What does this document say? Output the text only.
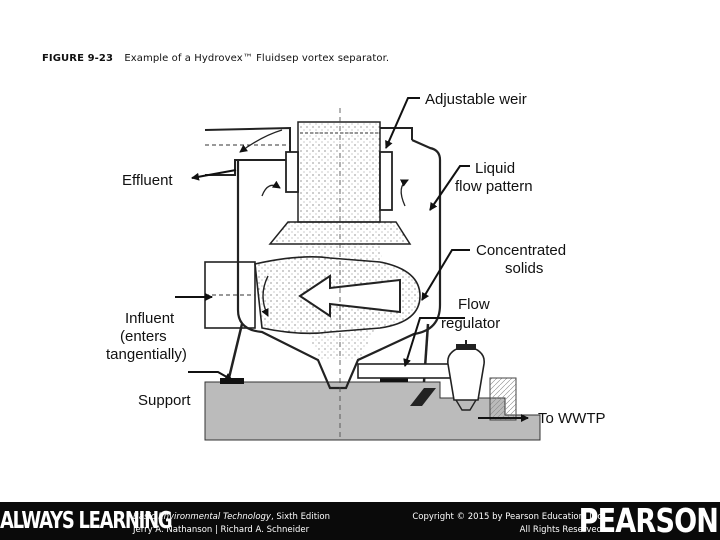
FIGURE 9-23 Example of a Hydrovex™ Fluidsep vortex separator.
Adjustable weir
Liquid
flow pattern
Effluent
Concentrated
solids
Flow
regulator
Influent
(enters
tangentially)
Support
To WWTP
ALWAYS LEARNING
Basic Environmental Technology, Sixth Edition
Jerry A. Nathanson | Richard A. Schneider
Copyright © 2015 by Pearson Education, Inc
All Rights Reserved
PEARSON
